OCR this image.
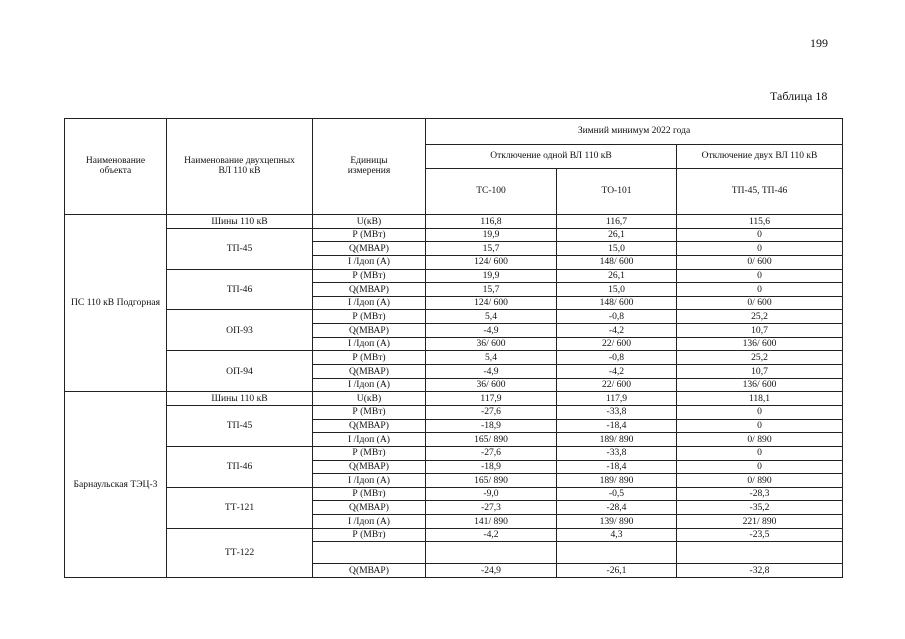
199
Таблица 18
Наименование объекта	Наименование двухцепных ВЛ 110 кВ	Единицы измерения	Зимний минимум 2022 года		
			Отключение одной ВЛ 110 кВ		Отключение двух ВЛ 110 кВ
			ТС-100	ТО-101	ТП-45, ТП-46
ПС 110 кВ Подгорная	Шины 110 кВ	U(кВ)	116,8	116,7	115,6
	ТП-45	Р (МВт)	19,9	26,1	0
		Q(МВАР)	15,7	15,0	0
		I /Iдоп (А)	124/ 600	148/ 600	0/ 600
	ТП-46	Р (МВт)	19,9	26,1	0
		Q(МВАР)	15,7	15,0	0
		I /Iдоп (А)	124/ 600	148/ 600	0/ 600
	ОП-93	Р (МВт)	5,4	-0,8	25,2
		Q(МВАР)	-4,9	-4,2	10,7
		I /Iдоп (А)	36/ 600	22/ 600	136/ 600
	ОП-94	Р (МВт)	5,4	-0,8	25,2
		Q(МВАР)	-4,9	-4,2	10,7
		I /Iдоп (А)	36/ 600	22/ 600	136/ 600
Барнаульская ТЭЦ-3	Шины 110 кВ	U(кВ)	117,9	117,9	118,1
	ТП-45	Р (МВт)	-27,6	-33,8	0
		Q(МВАР)	-18,9	-18,4	0
		I /Iдоп (А)	165/ 890	189/ 890	0/ 890
	ТП-46	Р (МВт)	-27,6	-33,8	0
		Q(МВАР)	-18,9	-18,4	0
		I /Iдоп (А)	165/ 890	189/ 890	0/ 890
	ТТ-121	Р (МВт)	-9,0	-0,5	-28,3
		Q(МВАР)	-27,3	-28,4	-35,2
		I /Iдоп (А)	141/ 890	139/ 890	221/ 890
	ТТ-122	Р (МВт)	-4,2	4,3	-23,5

		Q(МВАР)	-24,9	-26,1	-32,8
